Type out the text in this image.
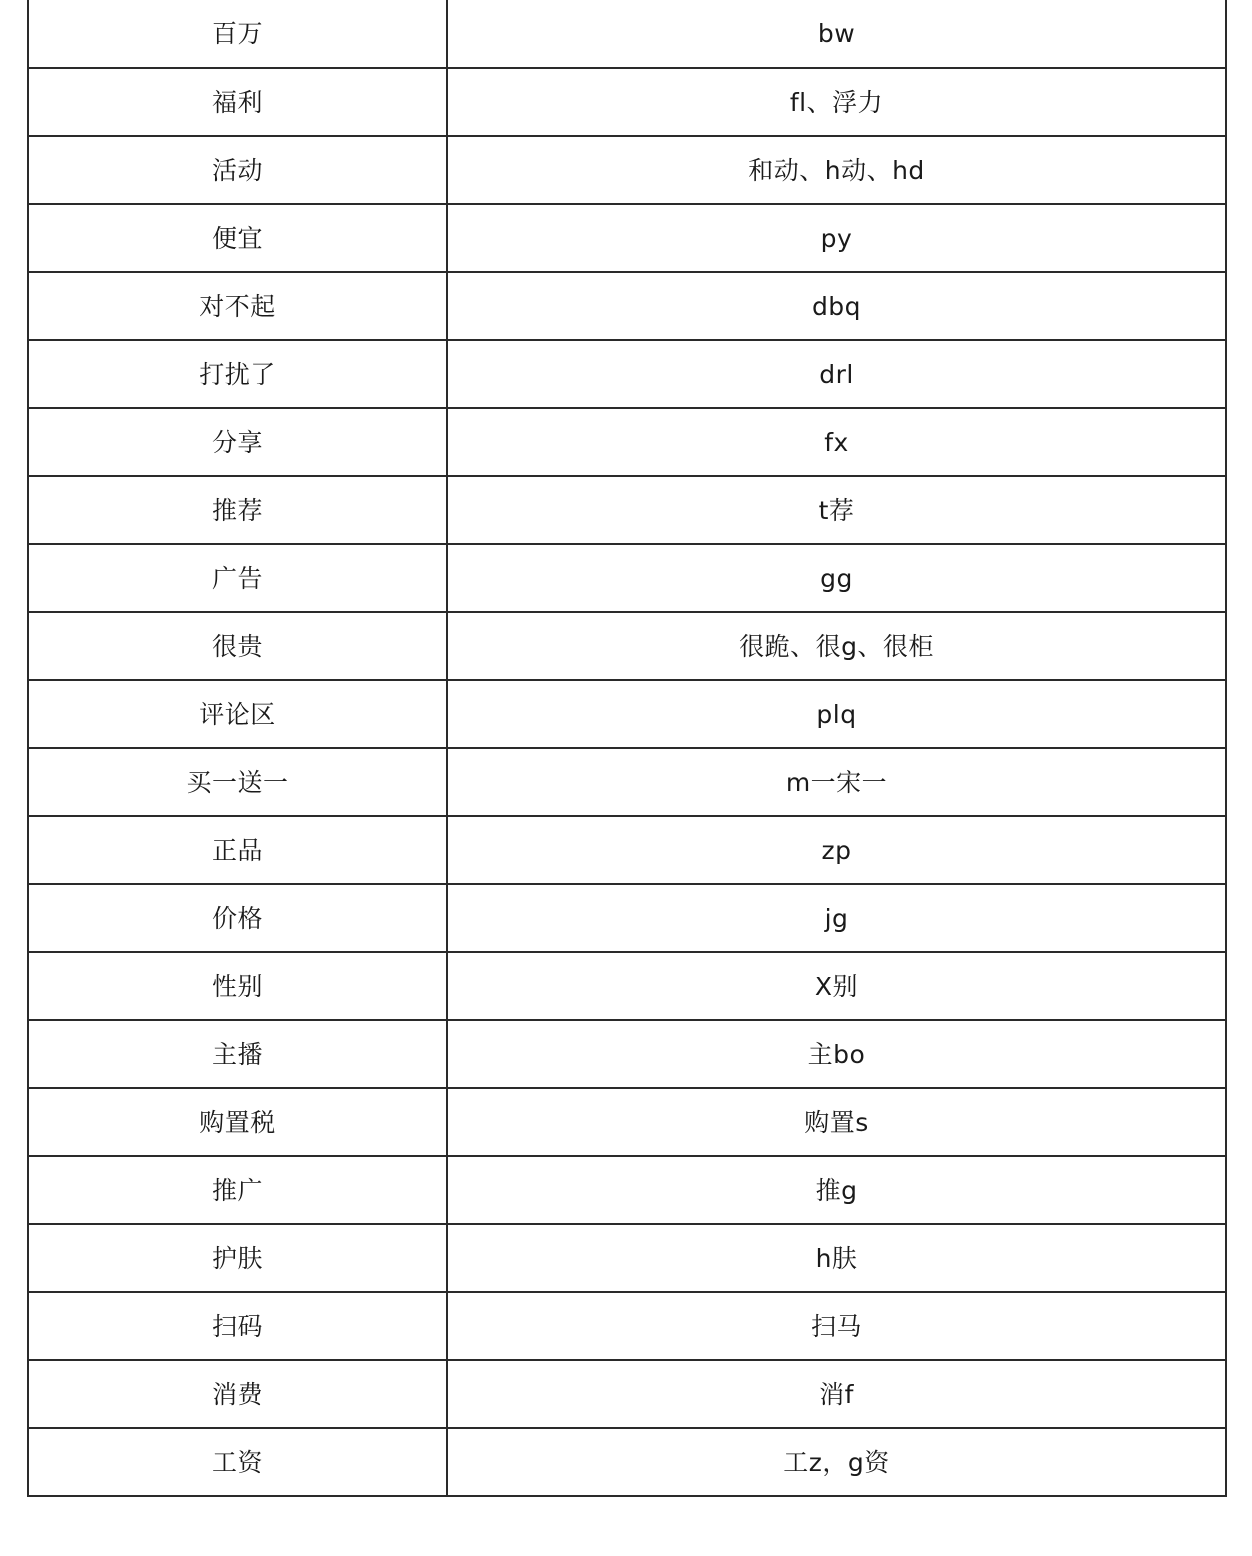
百万	bw
福利	fl、浮力
活动	和动、h动、hd
便宜	py
对不起	dbq
打扰了	drl
分享	fx
推荐	t荐
广告	gg
很贵	很跪、很g、很柜
评论区	plq
买一送一	m一宋一
正品	zp
价格	jg
性别	X别
主播	主bo
购置税	购置s
推广	推g
护肤	h肤
扫码	扫马
消费	消f
工资	工z，g资
